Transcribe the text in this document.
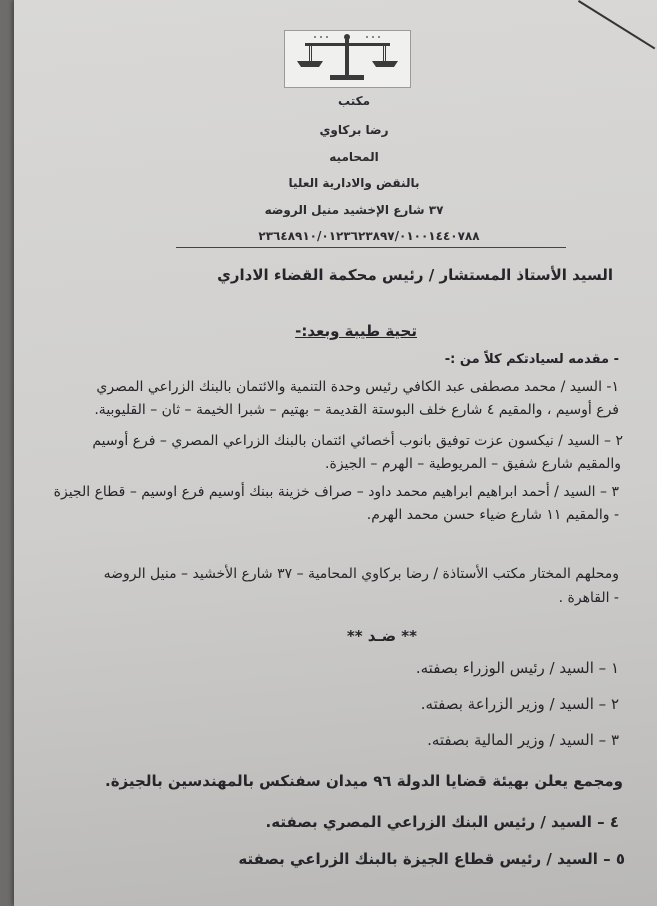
مكتب
رضا بركاوي
المحاميه
بالنقض والادارية العليا
٣٧ شارع الإخشيد منيل الروضه
٢٣٦٤٨٩١٠/٠١٢٣٦٢٣٨٩٧/٠١٠٠١٤٤٠٧٨٨
السيد الأستاذ المستشار / رئيس محكمة القضاء الاداري
تحية طيبة وبعد:-
- مقدمه لسيادتكم كلاً من :-
١- السيد / محمد مصطفى عبد الكافي رئيس وحدة التنمية والائتمان بالبنك الزراعي المصري
فرع أوسيم ، والمقيم ٤ شارع خلف البوستة القديمة – بهتيم – شبرا الخيمة – ثان – القليوبية.
٢ – السيد / نيكسون عزت توفيق بانوب أخصائي ائتمان بالبنك الزراعي المصري – فرع أوسيم
والمقيم شارع شفيق – المريوطية – الهرم – الجيزة.
٣ – السيد / أحمد ابراهيم ابراهيم محمد داود – صراف خزينة ببنك أوسيم فرع اوسيم – قطاع الجيزة
- والمقيم ١١ شارع ضياء حسن محمد الهرم.
ومحلهم المختار مكتب الأستاذة / رضا بركاوي المحامية – ٣٧ شارع الأخشيد – منيل الروضه
- القاهرة .
** ضـد **
١ – السيد / رئيس الوزراء بصفته.
٢ – السيد / وزير الزراعة بصفته.
٣ – السيد / وزير المالية بصفته.
ومجمع يعلن بهيئة قضايا الدولة ٩٦ ميدان سفنكس بالمهندسين بالجيزة.
٤ – السيد / رئيس البنك الزراعي المصري بصفته.
٥ – السيد / رئيس قطاع الجيزة بالبنك الزراعي بصفته
